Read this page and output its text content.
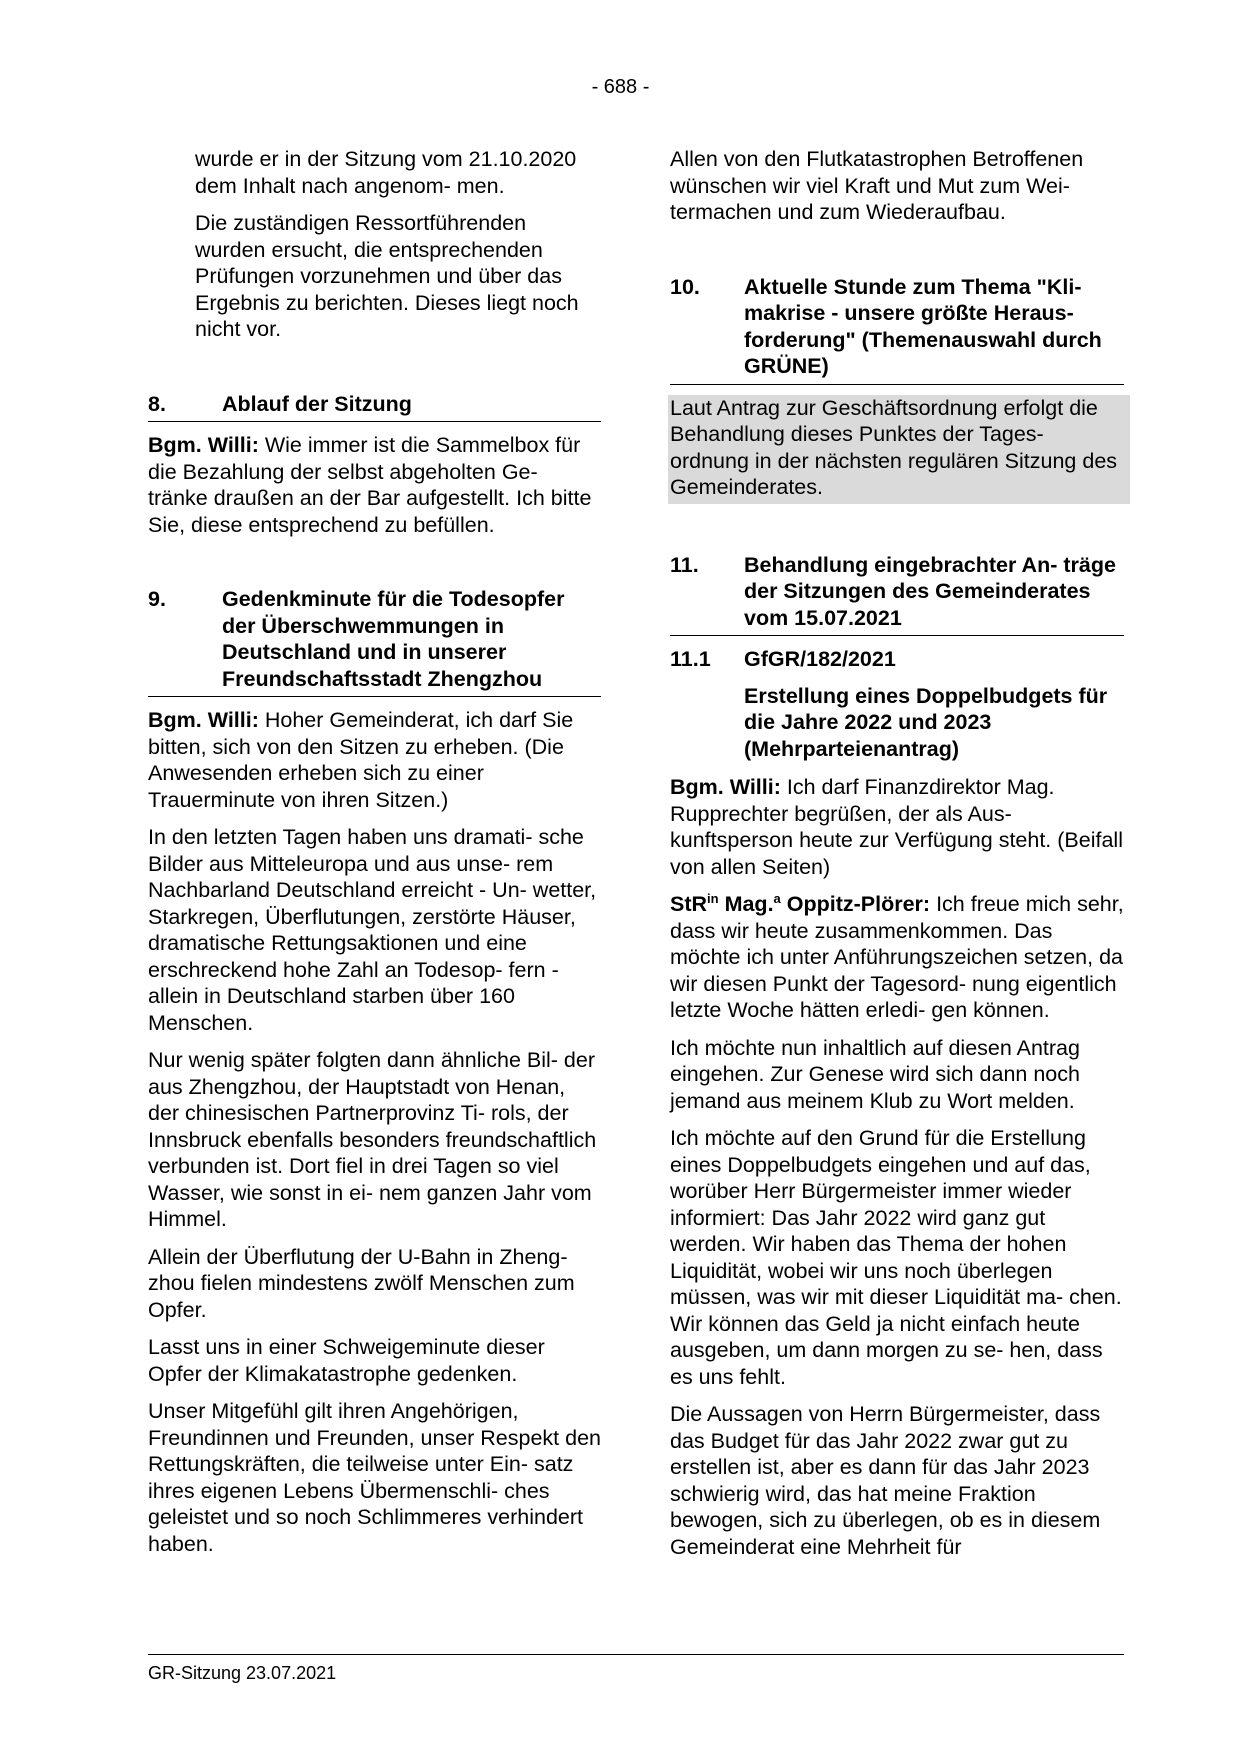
- 688 -

wurde er in der Sitzung vom 21.10.2020 dem Inhalt nach angenom- men.

Die zuständigen Ressortführenden wurden ersucht, die entsprechenden Prüfungen vorzunehmen und über das Ergebnis zu berichten. Dieses liegt noch nicht vor.

8.	Ablauf der Sitzung

Bgm. Willi: Wie immer ist die Sammelbox für die Bezahlung der selbst abgeholten Ge- tränke draußen an der Bar aufgestellt. Ich bitte Sie, diese entsprechend zu befüllen.

9.	Gedenkminute für die Todesopfer der Überschwemmungen in Deutschland und in unserer Freundschaftsstadt Zhengzhou

Bgm. Willi: Hoher Gemeinderat, ich darf Sie bitten, sich von den Sitzen zu erheben. (Die Anwesenden erheben sich zu einer Trauerminute von ihren Sitzen.)

In den letzten Tagen haben uns dramati- sche Bilder aus Mitteleuropa und aus unse- rem Nachbarland Deutschland erreicht - Un- wetter, Starkregen, Überflutungen, zerstörte Häuser, dramatische Rettungsaktionen und eine erschreckend hohe Zahl an Todesop- fern - allein in Deutschland starben über 160 Menschen.

Nur wenig später folgten dann ähnliche Bil- der aus Zhengzhou, der Hauptstadt von Henan, der chinesischen Partnerprovinz Ti- rols, der Innsbruck ebenfalls besonders freundschaftlich verbunden ist. Dort fiel in drei Tagen so viel Wasser, wie sonst in ei- nem ganzen Jahr vom Himmel.

Allein der Überflutung der U-Bahn in Zheng- zhou fielen mindestens zwölf Menschen zum Opfer.

Lasst uns in einer Schweigeminute dieser Opfer der Klimakatastrophe gedenken.

Unser Mitgefühl gilt ihren Angehörigen, Freundinnen und Freunden, unser Respekt den Rettungskräften, die teilweise unter Ein- satz ihres eigenen Lebens Übermenschli- ches geleistet und so noch Schlimmeres verhindert haben.

Allen von den Flutkatastrophen Betroffenen wünschen wir viel Kraft und Mut zum Wei- termachen und zum Wiederaufbau.

10.	Aktuelle Stunde zum Thema "Kli- makrise - unsere größte Heraus- forderung" (Themenauswahl durch GRÜNE)
Laut Antrag zur Geschäftsordnung erfolgt die Behandlung dieses Punktes der Tages- ordnung in der nächsten regulären Sitzung des Gemeinderates.
11.	Behandlung eingebrachter An- träge der Sitzungen des Gemeinderates vom 15.07.2021
11.1	GfGR/182/2021
Erstellung eines Doppelbudgets für die Jahre 2022 und 2023 (Mehrparteienantrag)

Bgm. Willi: Ich darf Finanzdirektor Mag. Rupprechter begrüßen, der als Aus- kunftsperson heute zur Verfügung steht. (Beifall von allen Seiten)

StR$^{in}$ Mag.$^a$ Oppitz-Plörer: Ich freue mich sehr, dass wir heute zusammenkommen. Das möchte ich unter Anführungszeichen setzen, da wir diesen Punkt der Tagesord- nung eigentlich letzte Woche hätten erledi- gen können.

Ich möchte nun inhaltlich auf diesen Antrag eingehen. Zur Genese wird sich dann noch jemand aus meinem Klub zu Wort melden.

Ich möchte auf den Grund für die Erstellung eines Doppelbudgets eingehen und auf das, worüber Herr Bürgermeister immer wieder informiert: Das Jahr 2022 wird ganz gut werden. Wir haben das Thema der hohen Liquidität, wobei wir uns noch überlegen müssen, was wir mit dieser Liquidität ma- chen. Wir können das Geld ja nicht einfach heute ausgeben, um dann morgen zu se- hen, dass es uns fehlt.

Die Aussagen von Herrn Bürgermeister, dass das Budget für das Jahr 2022 zwar gut zu erstellen ist, aber es dann für das Jahr 2023 schwierig wird, das hat meine Fraktion bewogen, sich zu überlegen, ob es in diesem Gemeinderat eine Mehrheit für

GR-Sitzung 23.07.2021
